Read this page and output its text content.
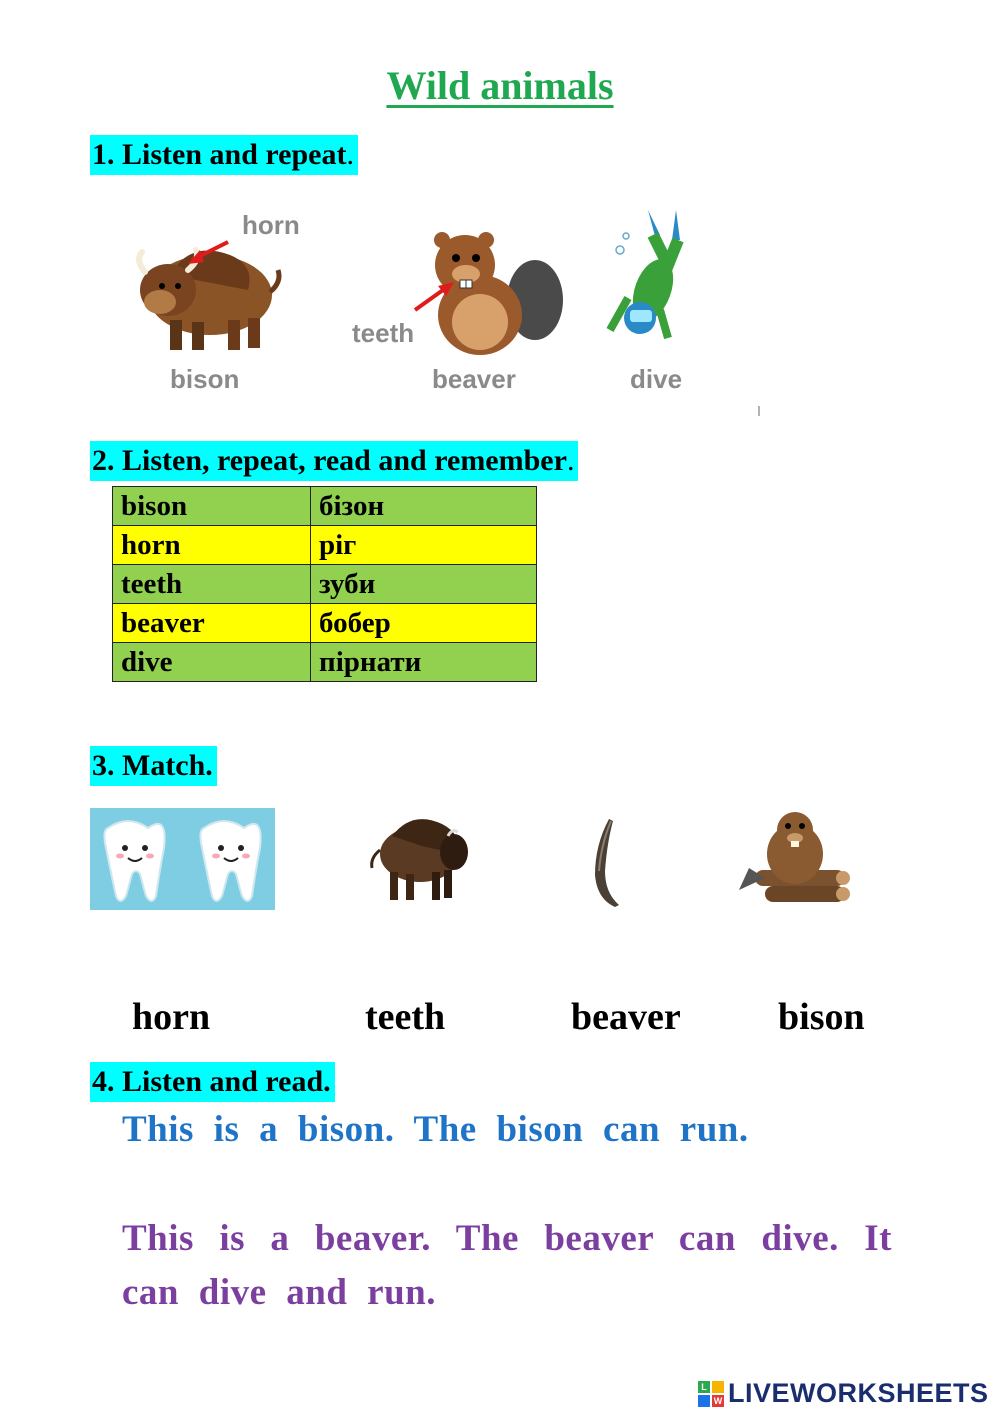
Wild animals
1. Listen and repeat.
horn
bison
teeth
beaver	dive
2. Listen, repeat, read and remember.
bison	бізон
horn	ріг
teeth	зуби
beaver	бобер
dive	пірнати
3. Match.
horn	teeth	beaver	bison
4. Listen and read.
This is a bison. The bison can run.
This is a beaver. The beaver can dive. It
can dive and run.
L
W LIVEWORKSHEETS
